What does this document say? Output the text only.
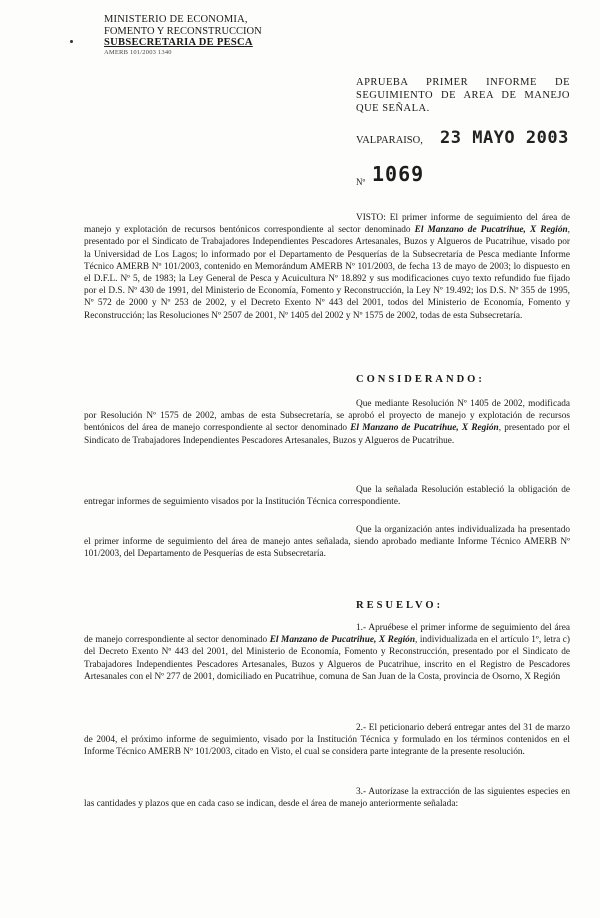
MINISTERIO DE ECONOMIA,
FOMENTO Y RECONSTRUCCION
SUBSECRETARIA DE PESCA
AMERB 101/2003 1340
APRUEBA PRIMER INFORME DE SEGUIMIENTO DE AREA DE MANEJO QUE SEÑALA.
VALPARAISO, 23 MAYO 2003
Nº 1069

VISTO: El primer informe de seguimiento del área de manejo y explotación de recursos bentónicos correspondiente al sector denominado El Manzano de Pucatrihue, X Región, presentado por el Sindicato de Trabajadores Independientes Pescadores Artesanales, Buzos y Algueros de Pucatrihue, visado por la Universidad de Los Lagos; lo informado por el Departamento de Pesquerías de la Subsecretaría de Pesca mediante Informe Técnico AMERB Nº 101/2003, contenido en Memorándum AMERB Nº 101/2003, de fecha 13 de mayo de 2003; lo dispuesto en el D.F.L. Nº 5, de 1983; la Ley General de Pesca y Acuicultura Nº 18.892 y sus modificaciones cuyo texto refundido fue fijado por el D.S. Nº 430 de 1991, del Ministerio de Economía, Fomento y Reconstrucción, la Ley Nº 19.492; los D.S. Nº 355 de 1995, Nº 572 de 2000 y Nº 253 de 2002, y el Decreto Exento Nº 443 del 2001, todos del Ministerio de Economía, Fomento y Reconstrucción; las Resoluciones Nº 2507 de 2001, Nº 1405 del 2002 y Nº 1575 de 2002, todas de esta Subsecretaría.

CONSIDERANDO:

Que mediante Resolución Nº 1405 de 2002, modificada por Resolución Nº 1575 de 2002, ambas de esta Subsecretaría, se aprobó el proyecto de manejo y explotación de recursos bentónicos del área de manejo correspondiente al sector denominado El Manzano de Pucatrihue, X Región, presentado por el Sindicato de Trabajadores Independientes Pescadores Artesanales, Buzos y Algueros de Pucatrihue.

Que la señalada Resolución estableció la obligación de entregar informes de seguimiento visados por la Institución Técnica correspondiente.

Que la organización antes individualizada ha presentado el primer informe de seguimiento del área de manejo antes señalada, siendo aprobado mediante Informe Técnico AMERB Nº 101/2003, del Departamento de Pesquerías de esta Subsecretaría.

RESUELVO:

1.- Apruébese el primer informe de seguimiento del área de manejo correspondiente al sector denominado El Manzano de Pucatrihue, X Región, individualizada en el artículo 1º, letra c) del Decreto Exento Nº 443 del 2001, del Ministerio de Economía, Fomento y Reconstrucción, presentado por el Sindicato de Trabajadores Independientes Pescadores Artesanales, Buzos y Algueros de Pucatrihue, inscrito en el Registro de Pescadores Artesanales con el Nº 277 de 2001, domiciliado en Pucatrihue, comuna de San Juan de la Costa, provincia de Osorno, X Región

2.- El peticionario deberá entregar antes del 31 de marzo de 2004, el próximo informe de seguimiento, visado por la Institución Técnica y formulado en los términos contenidos en el Informe Técnico AMERB Nº 101/2003, citado en Visto, el cual se considera parte integrante de la presente resolución.

3.- Autorízase la extracción de las siguientes especies en las cantidades y plazos que en cada caso se indican, desde el área de manejo anteriormente señalada:
